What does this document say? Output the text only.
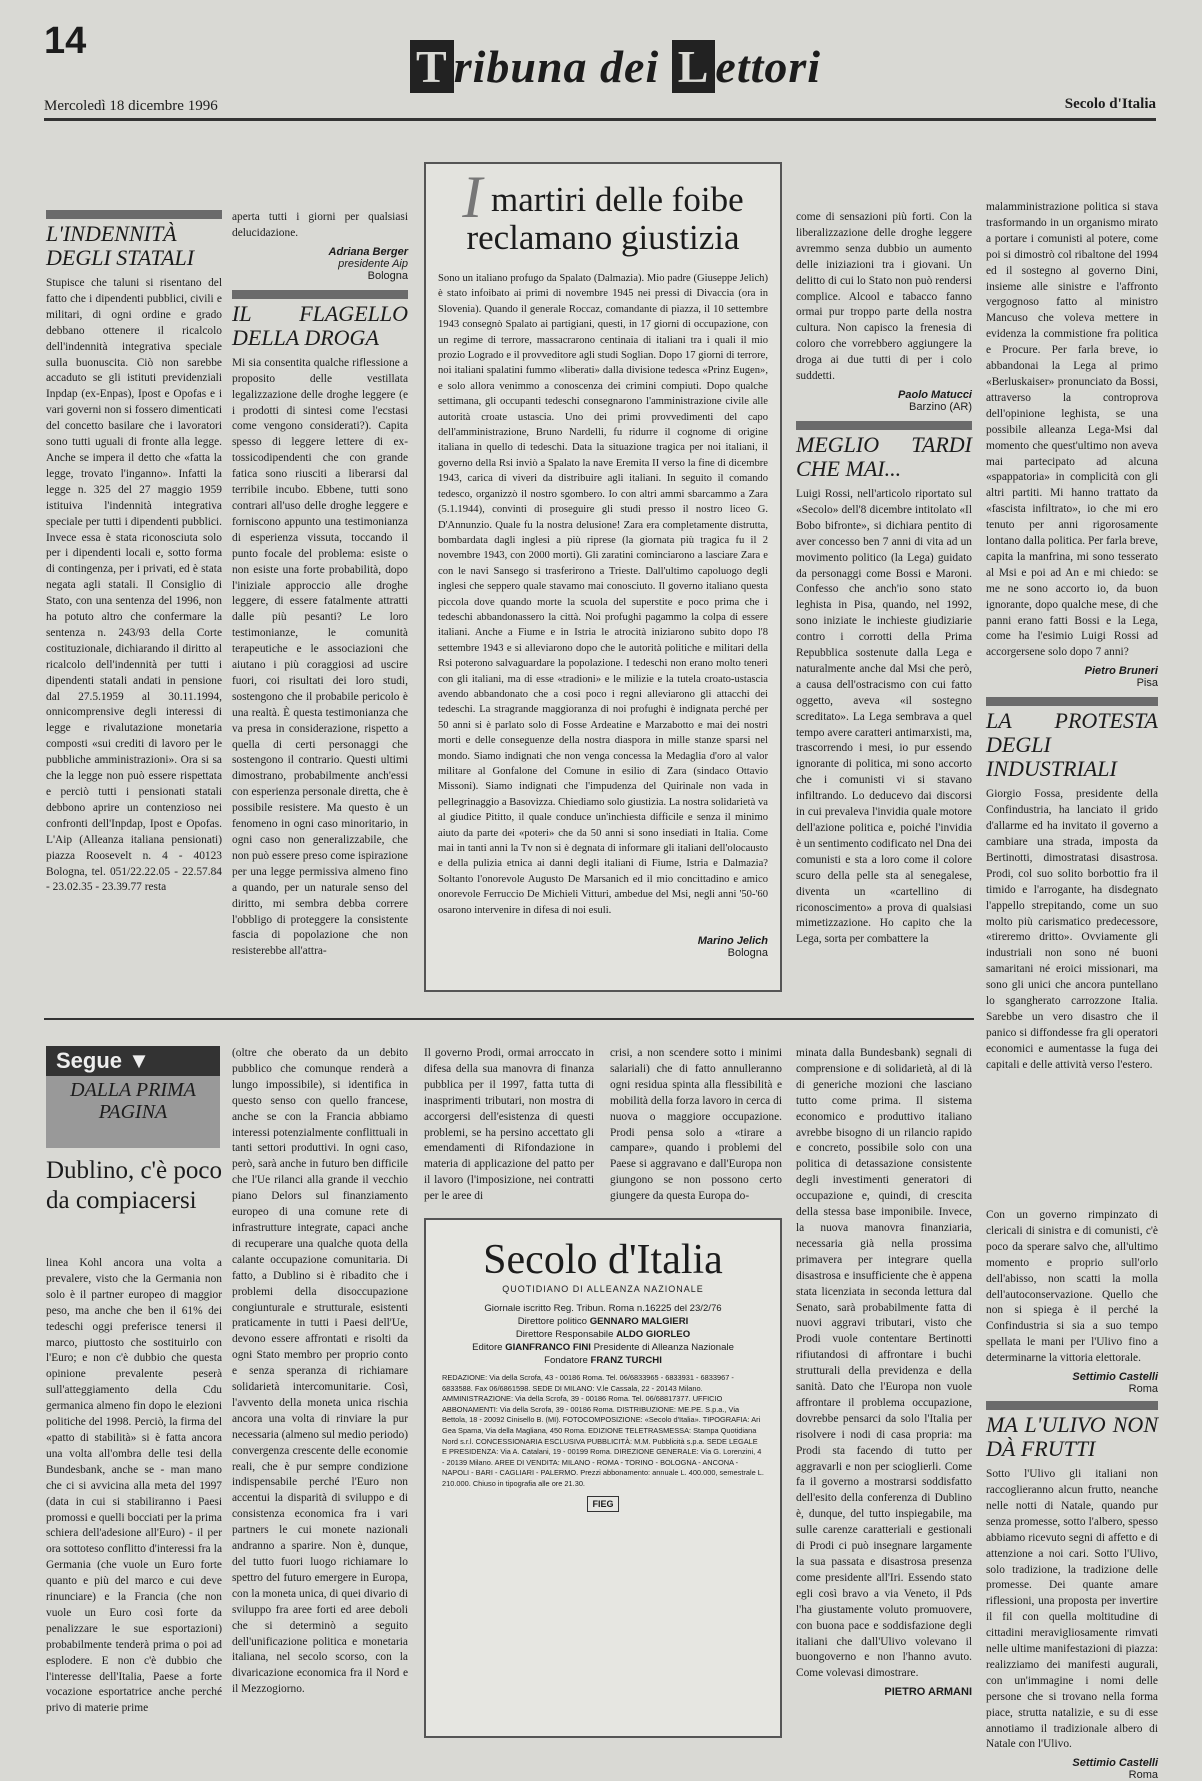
14	T ribuna dei L ettori
Mercoledì 18 dicembre 1996	Secolo d'Italia
L'INDENNITÀ DEGLI STATALI

Stupisce che taluni si risentano del fatto che i dipendenti pubblici, civili e militari, di ogni ordine e grado debbano ottenere il ricalcolo dell'indennità integrativa speciale sulla buonuscita. Ciò non sarebbe accaduto se gli istituti previdenziali Inpdap (ex-Enpas), Ipost e Opofas e i vari governi non si fossero dimenticati del concetto basilare che i lavoratori sono tutti uguali di fronte alla legge. Anche se impera il detto che «fatta la legge, trovato l'inganno». Infatti la legge n. 325 del 27 maggio 1959 istituiva l'indennità integrativa speciale per tutti i dipendenti pubblici. Invece essa è stata riconosciuta solo per i dipendenti locali e, sotto forma di contingenza, per i privati, ed è stata negata agli statali. Il Consiglio di Stato, con una sentenza del 1996, non ha potuto altro che confermare la sentenza n. 243/93 della Corte costituzionale, dichiarando il diritto al ricalcolo dell'indennità per tutti i dipendenti statali andati in pensione dal 27.5.1959 al 30.11.1994, onnicomprensive degli interessi di legge e rivalutazione monetaria composti «sui crediti di lavoro per le pubbliche amministrazioni». Ora si sa che la legge non può essere rispettata e perciò tutti i pensionati statali debbono aprire un contenzioso nei confronti dell'Inpdap, Ipost e Opofas. L'Aip (Alleanza italiana pensionati) piazza Roosevelt n. 4 - 40123 Bologna, tel. 051/22.22.05 - 22.57.84 - 23.02.35 - 23.39.77 resta

aperta tutti i giorni per qualsiasi delucidazione.

Adriana Berger
presidente Aip
Bologna
IL FLAGELLO DELLA DROGA

Mi sia consentita qualche riflessione a proposito delle vestillata legalizzazione delle droghe leggere (e i prodotti di sintesi come l'ecstasi come vengono considerati?). Capita spesso di leggere lettere di ex-tossicodipendenti che con grande fatica sono riusciti a liberarsi dal terribile incubo. Ebbene, tutti sono contrari all'uso delle droghe leggere e forniscono appunto una testimonianza di esperienza vissuta, toccando il punto focale del problema: esiste o non esiste una forte probabilità, dopo l'iniziale approccio alle droghe leggere, di essere fatalmente attratti dalle più pesanti? Le loro testimonianze, le comunità terapeutiche e le associazioni che aiutano i più coraggiosi ad uscire fuori, coi risultati dei loro studi, sostengono che il probabile pericolo è una realtà. È questa testimonianza che va presa in considerazione, rispetto a quella di certi personaggi che sostengono il contrario. Questi ultimi dimostrano, probabilmente anch'essi con esperienza personale diretta, che è possibile resistere. Ma questo è un fenomeno in ogni caso minoritario, in ogni caso non generalizzabile, che non può essere preso come ispirazione per una legge permissiva almeno fino a quando, per un naturale senso del diritto, mi sembra debba correre l'obbligo di proteggere la consistente fascia di popolazione che non resisterebbe all'attra-

I martiri delle foibe reclamano giustizia

Sono un italiano profugo da Spalato (Dalmazia). Mio padre (Giuseppe Jelich) è stato infoibato ai primi di novembre 1945 nei pressi di Divaccia (ora in Slovenia). Quando il generale Roccaz, comandante di piazza, il 10 settembre 1943 consegnò Spalato ai partigiani, questi, in 17 giorni di occupazione, con un regime di terrore, massacrarono centinaia di italiani tra i quali il mio prozio Logrado e il provveditore agli studi Soglian. Dopo 17 giorni di terrore, noi italiani spalatini fummo «liberati» dalla divisione tedesca «Prinz Eugen», e solo allora venimmo a conoscenza dei crimini compiuti. Dopo qualche settimana, gli occupanti tedeschi consegnarono l'amministrazione civile alle autorità croate ustascia. Uno dei primi provvedimenti del capo dell'amministrazione, Bruno Nardelli, fu ridurre il cognome di origine italiana in quello di tedeschi. Data la situazione tragica per noi italiani, il governo della Rsi inviò a Spalato la nave Eremita II verso la fine di dicembre 1943, carica di viveri da distribuire agli italiani. In seguito il comando tedesco, organizzò il nostro sgombero. Io con altri ammi sbarcammo a Zara (5.1.1944), convinti di proseguire gli studi presso il nostro liceo G. D'Annunzio. Quale fu la nostra delusione! Zara era completamente distrutta, bombardata dagli inglesi a più riprese (la giornata più tragica fu il 2 novembre 1943, con 2000 morti). Gli zaratini cominciarono a lasciare Zara e con le navi Sansego si trasferirono a Trieste. Dall'ultimo capoluogo degli inglesi che seppero quale stavamo mai conosciuto. Il governo italiano questa piccola dove quando morte la scuola del superstite e poco prima che i tedeschi abbandonassero la città. Noi profughi pagammo la colpa di essere italiani. Anche a Fiume e in Istria le atrocità iniziarono subito dopo l'8 settembre 1943 e si alleviarono dopo che le autorità politiche e militari della Rsi poterono salvaguardare la popolazione. I tedeschi non erano molto teneri con gli italiani, ma di esse «tradioni» e le milizie e la tutela croato-ustascia avendo abbandonato che a cosi poco i regni alleviarono gli attacchi dei tedeschi. La stragrande maggioranza di noi profughi è indignata perché per 50 anni si è parlato solo di Fosse Ardeatine e Marzabotto e mai dei nostri morti e delle conseguenze della nostra diaspora in mille stanze sparsi nel mondo. Siamo indignati che non venga concessa la Medaglia d'oro al valor militare al Gonfalone del Comune in esilio di Zara (sindaco Ottavio Missoni). Siamo indignati che l'impudenza del Quirinale non vada in pellegrinaggio a Basovizza. Chiediamo solo giustizia. La nostra solidarietà va al giudice Pititto, il quale conduce un'inchiesta difficile e senza il minimo aiuto da parte dei «poteri» che da 50 anni si sono insediati in Italia. Come mai in tanti anni la Tv non si è degnata di informare gli italiani dell'olocausto e della pulizia etnica ai danni degli italiani di Fiume, Istria e Dalmazia? Soltanto l'onorevole Augusto De Marsanich ed il mio concittadino e amico onorevole Ferruccio De Michieli Vitturi, ambedue del Msi, negli anni '50-'60 osarono intervenire in difesa di noi esuli.

Marino Jelich
Bologna

come di sensazioni più forti. Con la liberalizzazione delle droghe leggere avremmo senza dubbio un aumento delle iniziazioni tra i giovani. Un delitto di cui lo Stato non può rendersi complice. Alcool e tabacco fanno ormai pur troppo parte della nostra cultura. Non capisco la frenesia di coloro che vorrebbero aggiungere la droga ai due tutti di per i colo suddetti.

Paolo Matucci
Barzino (AR)
MEGLIO TARDI CHE MAI...

Luigi Rossi, nell'articolo riportato sul «Secolo» dell'8 dicembre intitolato «Il Bobo bifronte», si dichiara pentito di aver concesso ben 7 anni di vita ad un movimento politico (la Lega) guidato da personaggi come Bossi e Maroni. Confesso che anch'io sono stato leghista in Pisa, quando, nel 1992, sono iniziate le inchieste giudiziarie contro i corrotti della Prima Repubblica sostenute dalla Lega e naturalmente anche dal Msi che però, a causa dell'ostracismo con cui fatto oggetto, aveva «il sostegno screditato». La Lega sembrava a quel tempo avere caratteri antimarxisti, ma, trascorrendo i mesi, io pur essendo ignorante di politica, mi sono accorto che i comunisti vi si stavano infiltrando. Lo deducevo dai discorsi in cui prevaleva l'invidia quale motore dell'azione politica e, poiché l'invidia è un sentimento codificato nel Dna dei comunisti e sta a loro come il colore scuro della pelle sta al senegalese, diventa un «cartellino di riconoscimento» a prova di qualsiasi mimetizzazione. Ho capito che la Lega, sorta per combattere la

malamministrazione politica si stava trasformando in un organismo mirato a portare i comunisti al potere, come poi si dimostrò col ribaltone del 1994 ed il sostegno al governo Dini, insieme alle sinistre e l'affronto vergognoso fatto al ministro Mancuso che voleva mettere in evidenza la commistione fra politica e Procure. Per farla breve, io abbandonai la Lega al primo «Berluskaiser» pronunciato da Bossi, attraverso la controprova dell'opinione leghista, se una possibile alleanza Lega-Msi dal momento che quest'ultimo non aveva mai partecipato ad alcuna «spappatoria» in complicità con gli altri partiti. Mi hanno trattato da «fascista infiltrato», io che mi ero tenuto per anni rigorosamente lontano dalla politica. Per farla breve, capita la manfrina, mi sono tesserato al Msi e poi ad An e mi chiedo: se me ne sono accorto io, da buon ignorante, dopo qualche mese, di che panni erano fatti Bossi e la Lega, come ha l'esimio Luigi Rossi ad accorgersene solo dopo 7 anni?

Pietro Bruneri
Pisa
LA PROTESTA DEGLI INDUSTRIALI

Giorgio Fossa, presidente della Confindustria, ha lanciato il grido d'allarme ed ha invitato il governo a cambiare una strada, imposta da Bertinotti, dimostratasi disastrosa. Prodi, col suo solito borbottio fra il timido e l'arrogante, ha disdegnato l'appello strepitando, come un suo molto più carismatico predecessore, «tireremo dritto». Ovviamente gli industriali non sono né buoni samaritani né eroici missionari, ma sono gli unici che ancora puntellano lo sgangherato carrozzone Italia. Sarebbe un vero disastro che il panico si diffondesse fra gli operatori economici e aumentasse la fuga dei capitali e delle attività verso l'estero.

Segue ▼
DALLA PRIMA PAGINA
Dublino, c'è poco da compiacersi

linea Kohl ancora una volta a prevalere, visto che la Germania non solo è il partner europeo di maggior peso, ma anche che ben il 61% dei tedeschi oggi preferisce tenersi il marco, piuttosto che sostituirlo con l'Euro; e non c'è dubbio che questa opinione prevalente peserà sull'atteggiamento della Cdu germanica almeno fin dopo le elezioni politiche del 1998. Perciò, la firma del «patto di stabilità» si è fatta ancora una volta all'ombra delle tesi della Bundesbank, anche se - man mano che ci si avvicina alla meta del 1997 (data in cui si stabiliranno i Paesi promossi e quelli bocciati per la prima schiera dell'adesione all'Euro) - il per ora sottoteso conflitto d'interessi fra la Germania (che vuole un Euro forte quanto e più del marco e cui deve rinunciare) e la Francia (che non vuole un Euro così forte da penalizzare le sue esportazioni) probabilmente tenderà prima o poi ad esplodere. E non c'è dubbio che l'interesse dell'Italia, Paese a forte vocazione esportatrice anche perché privo di materie prime

(oltre che oberato da un debito pubblico che comunque renderà a lungo impossibile), si identifica in questo senso con quello francese, anche se con la Francia abbiamo interessi potenzialmente conflittuali in tanti settori produttivi. In ogni caso, però, sarà anche in futuro ben difficile che l'Ue rilanci alla grande il vecchio piano Delors sul finanziamento europeo di una comune rete di infrastrutture integrate, capaci anche di recuperare una qualche quota della calante occupazione comunitaria. Di fatto, a Dublino si è ribadito che i problemi della disoccupazione congiunturale e strutturale, esistenti praticamente in tutti i Paesi dell'Ue, devono essere affrontati e risolti da ogni Stato membro per proprio conto e senza speranza di richiamare solidarietà intercomunitarie. Così, l'avvento della moneta unica rischia ancora una volta di rinviare la pur necessaria (almeno sul medio periodo) convergenza crescente delle economie reali, che è pur sempre condizione indispensabile perché l'Euro non accentui la disparità di sviluppo e di consistenza economica fra i vari partners le cui monete nazionali andranno a sparire. Non è, dunque, del tutto fuori luogo richiamare lo spettro del futuro emergere in Europa, con la moneta unica, di quei divario di sviluppo fra aree forti ed aree deboli che si determinò a seguito dell'unificazione politica e monetaria italiana, nel secolo scorso, con la divaricazione economica fra il Nord e il Mezzogiorno.

Il governo Prodi, ormai arroccato in difesa della sua manovra di finanza pubblica per il 1997, fatta tutta di inasprimenti tributari, non mostra di accorgersi dell'esistenza di questi problemi, se ha persino accettato gli emendamenti di Rifondazione in materia di applicazione del patto per il lavoro (l'imposizione, nei contratti per le aree di

crisi, a non scendere sotto i minimi salariali) che di fatto annulleranno ogni residua spinta alla flessibilità e mobilità della forza lavoro in cerca di nuova o maggiore occupazione. Prodi pensa solo a «tirare a campare», quando i problemi del Paese si aggravano e dall'Europa non giungono se non possono certo giungere da questa Europa do-

minata dalla Bundesbank) segnali di comprensione e di solidarietà, al di là di generiche mozioni che lasciano tutto come prima. Il sistema economico e produttivo italiano avrebbe bisogno di un rilancio rapido e concreto, possibile solo con una politica di detassazione consistente degli investimenti generatori di occupazione e, quindi, di crescita della stessa base imponibile. Invece, la nuova manovra finanziaria, necessaria già nella prossima primavera per integrare quella disastrosa e insufficiente che è appena stata licenziata in seconda lettura dal Senato, sarà probabilmente fatta di nuovi aggravi tributari, visto che Prodi vuole contentare Bertinotti rifiutandosi di affrontare i buchi strutturali della previdenza e della sanità. Dato che l'Europa non vuole affrontare il problema occupazione, dovrebbe pensarci da solo l'Italia per risolvere i nodi di casa propria: ma Prodi sta facendo di tutto per aggravarli e non per scioglierli. Come fa il governo a mostrarsi soddisfatto dell'esito della conferenza di Dublino è, dunque, del tutto inspiegabile, ma sulle carenze caratteriali e gestionali di Prodi ci può insegnare largamente la sua passata e disastrosa presenza come presidente all'Iri. Essendo stato egli così bravo a via Veneto, il Pds l'ha giustamente voluto promuovere, con buona pace e soddisfazione degli italiani che dall'Ulivo volevano il buongoverno e non l'hanno avuto. Come volevasi dimostrare.

PIETRO ARMANI

Con un governo rimpinzato di clericali di sinistra e di comunisti, c'è poco da sperare salvo che, all'ultimo momento e proprio sull'orlo dell'abisso, non scatti la molla dell'autoconservazione. Quello che non si spiega è il perché la Confindustria si sia a suo tempo spellata le mani per l'Ulivo fino a determinarne la vittoria elettorale.

Settimio Castelli
Roma
MA L'ULIVO NON DÀ FRUTTI

Sotto l'Ulivo gli italiani non raccoglieranno alcun frutto, neanche nelle notti di Natale, quando pur senza promesse, sotto l'albero, spesso abbiamo ricevuto segni di affetto e di attenzione a noi cari. Sotto l'Ulivo, solo tradizione, la tradizione delle promesse. Dei quante amare riflessioni, una proposta per invertire il fil con quella moltitudine di cittadini meravigliosamente rimvati nelle ultime manifestazioni di piazza: realizziamo dei manifesti augurali, con un'immagine i nomi delle persone che si trovano nella forma piace, strutta natalizie, e su di esse annotiamo il tradizionale albero di Natale con l'Ulivo.

Settimio Castelli
Roma
Secolo d'Italia
QUOTIDIANO DI ALLEANZA NAZIONALE
Giornale iscritto Reg. Tribun. Roma n.16225 del 23/2/76
Direttore politico GENNARO MALGIERI
Direttore Responsabile ALDO GIORLEO
Editore GIANFRANCO FINI Presidente di Alleanza Nazionale
Fondatore FRANZ TURCHI
REDAZIONE: Via della Scrofa, 43 - 00186 Roma. Tel. 06/6833965 - 6833931 - 6833967 - 6833588. Fax 06/6861598. SEDE DI MILANO: V.le Cassala, 22 - 20143 Milano. AMMINISTRAZIONE: Via della Scrofa, 39 - 00186 Roma. Tel. 06/68817377. UFFICIO ABBONAMENTI: Via della Scrofa, 39 - 00186 Roma. DISTRIBUZIONE: ME.PE. S.p.a., Via Bettola, 18 - 20092 Cinisello B. (MI). FOTOCOMPOSIZIONE: «Secolo d'Italia». TIPOGRAFIA: Ari Gea Spama, Via della Magliana, 450 Roma. EDIZIONE TELETRASMESSA: Stampa Quotidiana Nord s.r.l. CONCESSIONARIA ESCLUSIVA PUBBLICITÀ: M.M. Pubblicità s.p.a. SEDE LEGALE E PRESIDENZA: Via A. Catalani, 19 - 00199 Roma. DIREZIONE GENERALE: Via G. Lorenzini, 4 - 20139 Milano. AREE DI VENDITA: MILANO - ROMA - TORINO - BOLOGNA - ANCONA - NAPOLI - BARI - CAGLIARI - PALERMO. Prezzi abbonamento: annuale L. 400.000, semestrale L. 210.000. Chiuso in tipografia alle ore 21.30.
FIEG
